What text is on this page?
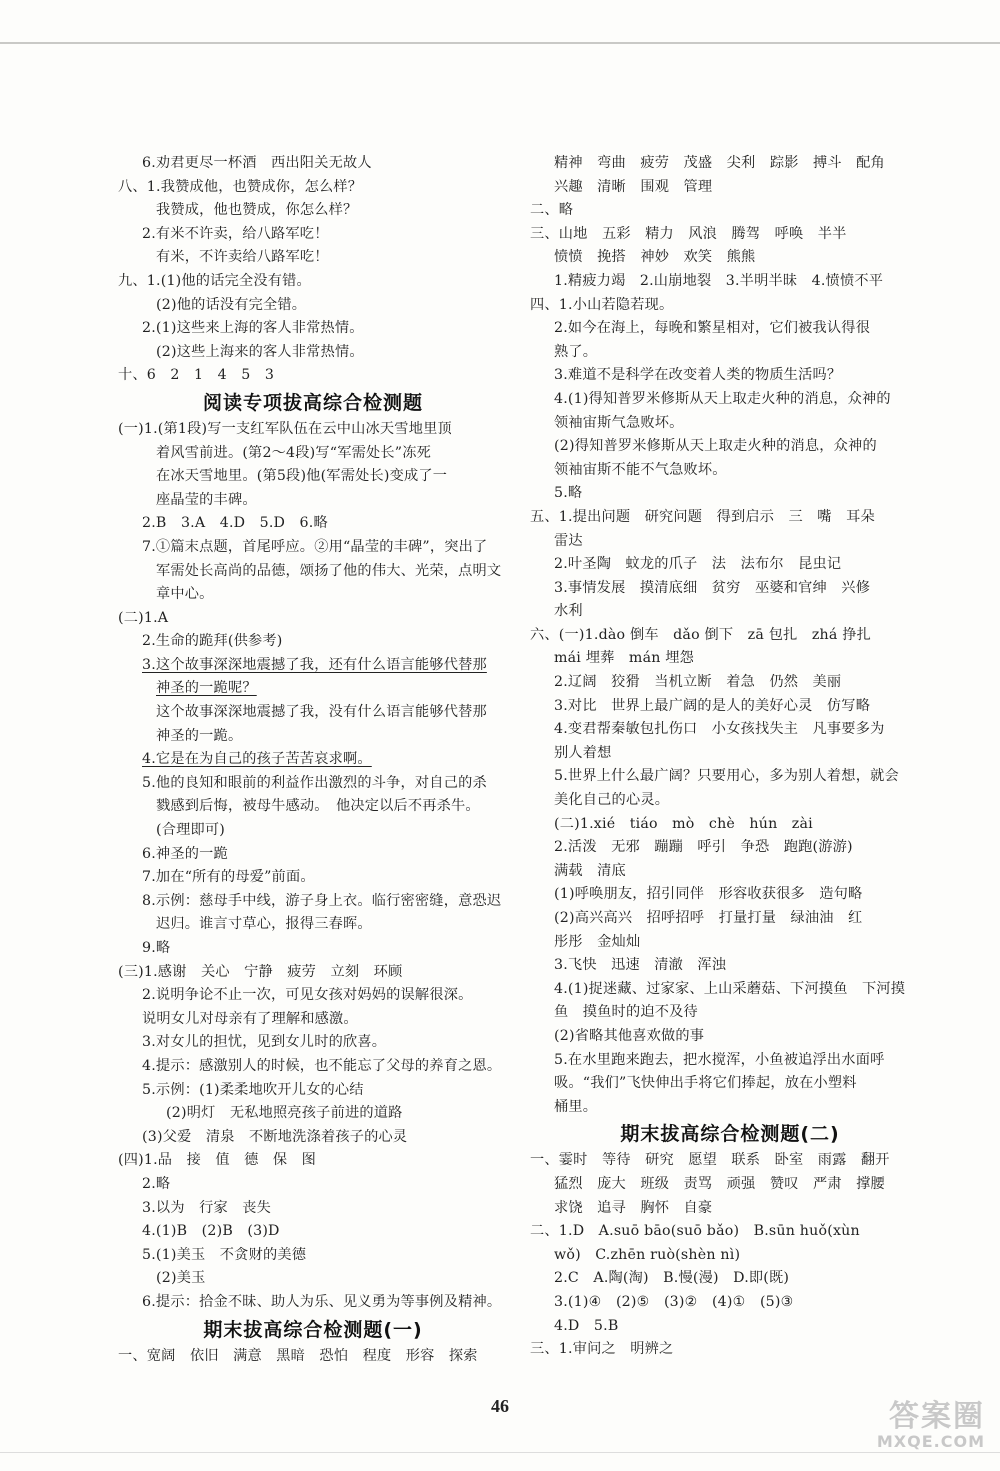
6.劝君更尽一杯酒　西出阳关无故人
八、1.我赞成他，也赞成你，怎么样？
我赞成，他也赞成，你怎么样？
2.有米不许卖，给八路军吃！
有米，不许卖给八路军吃！
九、1.(1)他的话完全没有错。
(2)他的话没有完全错。
2.(1)这些来上海的客人非常热情。
(2)这些上海来的客人非常热情。
十、6　2　1　4　5　3
阅读专项拔高综合检测题
(一)1.(第1段)写一支红军队伍在云中山冰天雪地里顶
着风雪前进。(第2～4段)写“军需处长”冻死
在冰天雪地里。(第5段)他(军需处长)变成了一
座晶莹的丰碑。
2.B　3.A　4.D　5.D　6.略
7.①篇末点题，首尾呼应。②用“晶莹的丰碑”，突出了
军需处长高尚的品德，颂扬了他的伟大、光荣，点明文
章中心。
(二)1.A
2.生命的跪拜(供参考)
3.这个故事深深地震撼了我，还有什么语言能够代替那
神圣的一跪呢？
这个故事深深地震撼了我，没有什么语言能够代替那
神圣的一跪。
4.它是在为自己的孩子苦苦哀求啊。
5.他的良知和眼前的利益作出激烈的斗争，对自己的杀
戮感到后悔，被母牛感动。　他决定以后不再杀牛。
(合理即可)
6.神圣的一跪
7.加在“所有的母爱”前面。
8.示例：慈母手中线，游子身上衣。临行密密缝，意恐迟
迟归。谁言寸草心，报得三春晖。
9.略
(三)1.感谢　关心　宁静　疲劳　立刻　环顾
2.说明争论不止一次，可见女孩对妈妈的误解很深。
说明女儿对母亲有了理解和感激。
3.对女儿的担忧，见到女儿时的欣喜。
4.提示：感激别人的时候，也不能忘了父母的养育之恩。
5.示例：(1)柔柔地吹开儿女的心结
(2)明灯　无私地照亮孩子前进的道路
(3)父爱　清泉　不断地洗涤着孩子的心灵
(四)1.品　接　值　德　保　图
2.略
3.以为　行家　丧失
4.(1)B　(2)B　(3)D
5.(1)美玉　不贪财的美德
(2)美玉
6.提示：拾金不昧、助人为乐、见义勇为等事例及精神。
期末拔高综合检测题(一)
一、宽阔　依旧　满意　黑暗　恐怕　程度　形容　探索
精神　弯曲　疲劳　茂盛　尖利　踪影　搏斗　配角
兴趣　清晰　围观　管理
二、略
三、山地　五彩　精力　风浪　腾驾　呼唤　半半
愤愤　挽搭　神妙　欢笑　熊熊
1.精疲力竭　2.山崩地裂　3.半明半昧　4.愤愤不平
四、1.小山若隐若现。
2.如今在海上，每晚和繁星相对，它们被我认得很
熟了。
3.难道不是科学在改变着人类的物质生活吗？
4.(1)得知普罗米修斯从天上取走火种的消息，众神的
领袖宙斯气急败坏。
(2)得知普罗米修斯从天上取走火种的消息，众神的
领袖宙斯不能不气急败坏。
5.略
五、1.提出问题　研究问题　得到启示　三　嘴　耳朵
雷达
2.叶圣陶　蚊龙的爪子　法　法布尔　昆虫记
3.事情发展　摸清底细　贫穷　巫婆和官绅　兴修
水利
六、(一)1.dào 倒车　dǎo 倒下　zā 包扎　zhá 挣扎
mái 埋葬　mán 埋怨
2.辽阔　狡猾　当机立断　着急　仍然　美丽
3.对比　世界上最广阔的是人的美好心灵　仿写略
4.变君帮秦敏包扎伤口　小女孩找失主　凡事要多为
别人着想
5.世界上什么最广阔？只要用心，多为别人着想，就会
美化自己的心灵。
(二)1.xié　tiáo　mò　chè　hún　zài
2.活泼　无邪　蹦蹦　呼引　争恐　跑跑(游游)
满载　清底
(1)呼唤朋友，招引同伴　形容收获很多　造句略
(2)高兴高兴　招呼招呼　打量打量　绿油油　红
彤彤　金灿灿
3.飞快　迅速　清澈　浑浊
4.(1)捉迷藏、过家家、上山采蘑菇、下河摸鱼　下河摸
鱼　摸鱼时的迫不及待
(2)省略其他喜欢做的事
5.在水里跑来跑去，把水搅浑，小鱼被追浮出水面呼
吸。“我们”飞快伸出手将它们捧起，放在小塑料
桶里。
期末拔高综合检测题(二)
一、霎时　等待　研究　愿望　联系　卧室　雨露　翻开
猛烈　庞大　班级　责骂　顽强　赞叹　严肃　撑腰
求饶　追寻　胸怀　自豪
二、1.D　A.suō bāo(suō bǎo)　B.sūn huǒ(xùn
wǒ)　C.zhēn ruò(shèn nì)
2.C　A.陶(淘)　B.慢(漫)　D.即(既)
3.(1)④　(2)⑤　(3)②　(4)①　(5)③
4.D　5.B
三、1.审问之　明辨之
46	答案圈
MXQE.COM
